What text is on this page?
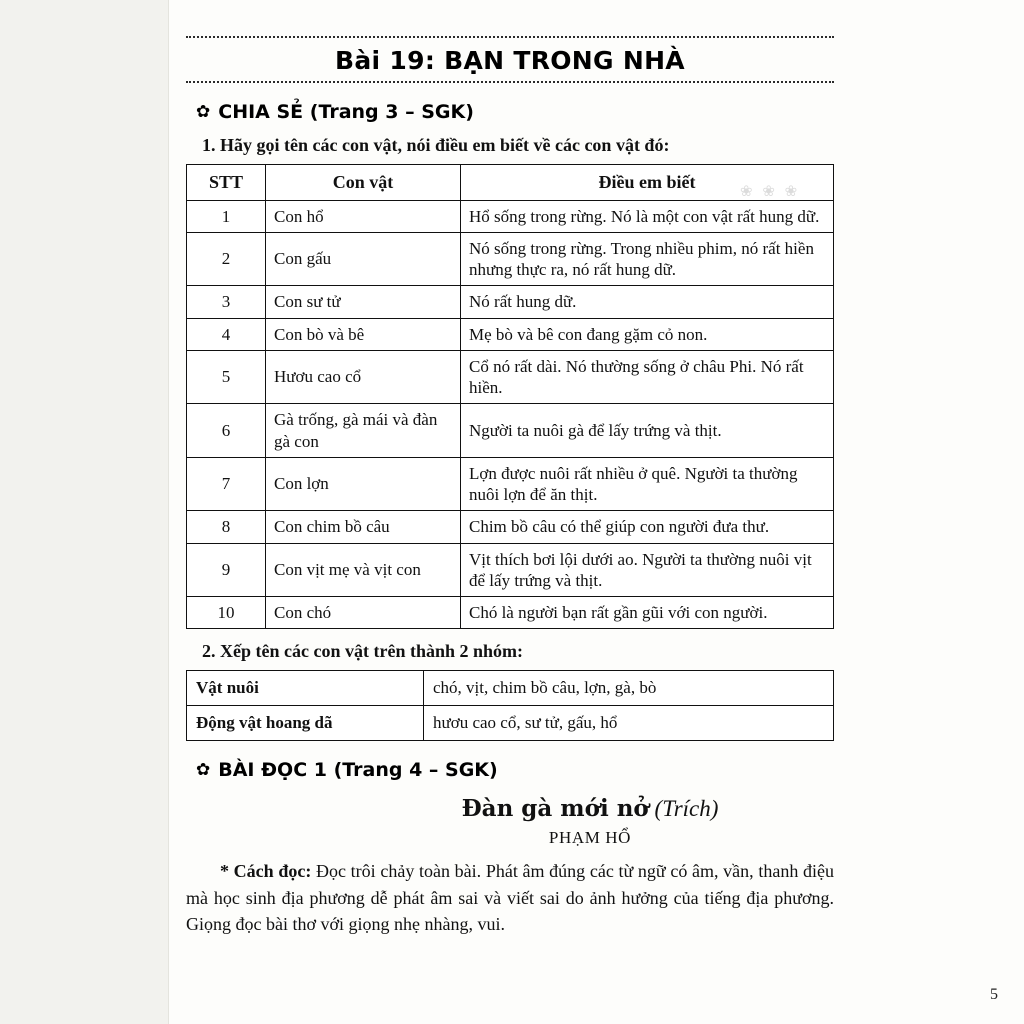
Bài 19: BẠN TRONG NHÀ
❀ ❀ ❀
✿ CHIA SẺ (Trang 3 – SGK)
1. Hãy gọi tên các con vật, nói điều em biết về các con vật đó:
STT	Con vật	Điều em biết
1	Con hổ	Hổ sống trong rừng. Nó là một con vật rất hung dữ.
2	Con gấu	Nó sống trong rừng. Trong nhiều phim, nó rất hiền nhưng thực ra, nó rất hung dữ.
3	Con sư tử	Nó rất hung dữ.
4	Con bò và bê	Mẹ bò và bê con đang gặm cỏ non.
5	Hươu cao cổ	Cổ nó rất dài. Nó thường sống ở châu Phi. Nó rất hiền.
6	Gà trống, gà mái và đàn gà con	Người ta nuôi gà để lấy trứng và thịt.
7	Con lợn	Lợn được nuôi rất nhiều ở quê. Người ta thường nuôi lợn để ăn thịt.
8	Con chim bồ câu	Chim bồ câu có thể giúp con người đưa thư.
9	Con vịt mẹ và vịt con	Vịt thích bơi lội dưới ao. Người ta thường nuôi vịt để lấy trứng và thịt.
10	Con chó	Chó là người bạn rất gần gũi với con người.
2. Xếp tên các con vật trên thành 2 nhóm:
Vật nuôi	chó, vịt, chim bồ câu, lợn, gà, bò
Động vật hoang dã	hươu cao cổ, sư tử, gấu, hổ
✿ BÀI ĐỌC 1 (Trang 4 – SGK)
Đàn gà mới nở (Trích)
PHẠM HỔ
* Cách đọc: Đọc trôi chảy toàn bài. Phát âm đúng các từ ngữ có âm, vần, thanh điệu mà học sinh địa phương dễ phát âm sai và viết sai do ảnh hưởng của tiếng địa phương. Giọng đọc bài thơ với giọng nhẹ nhàng, vui.
5
